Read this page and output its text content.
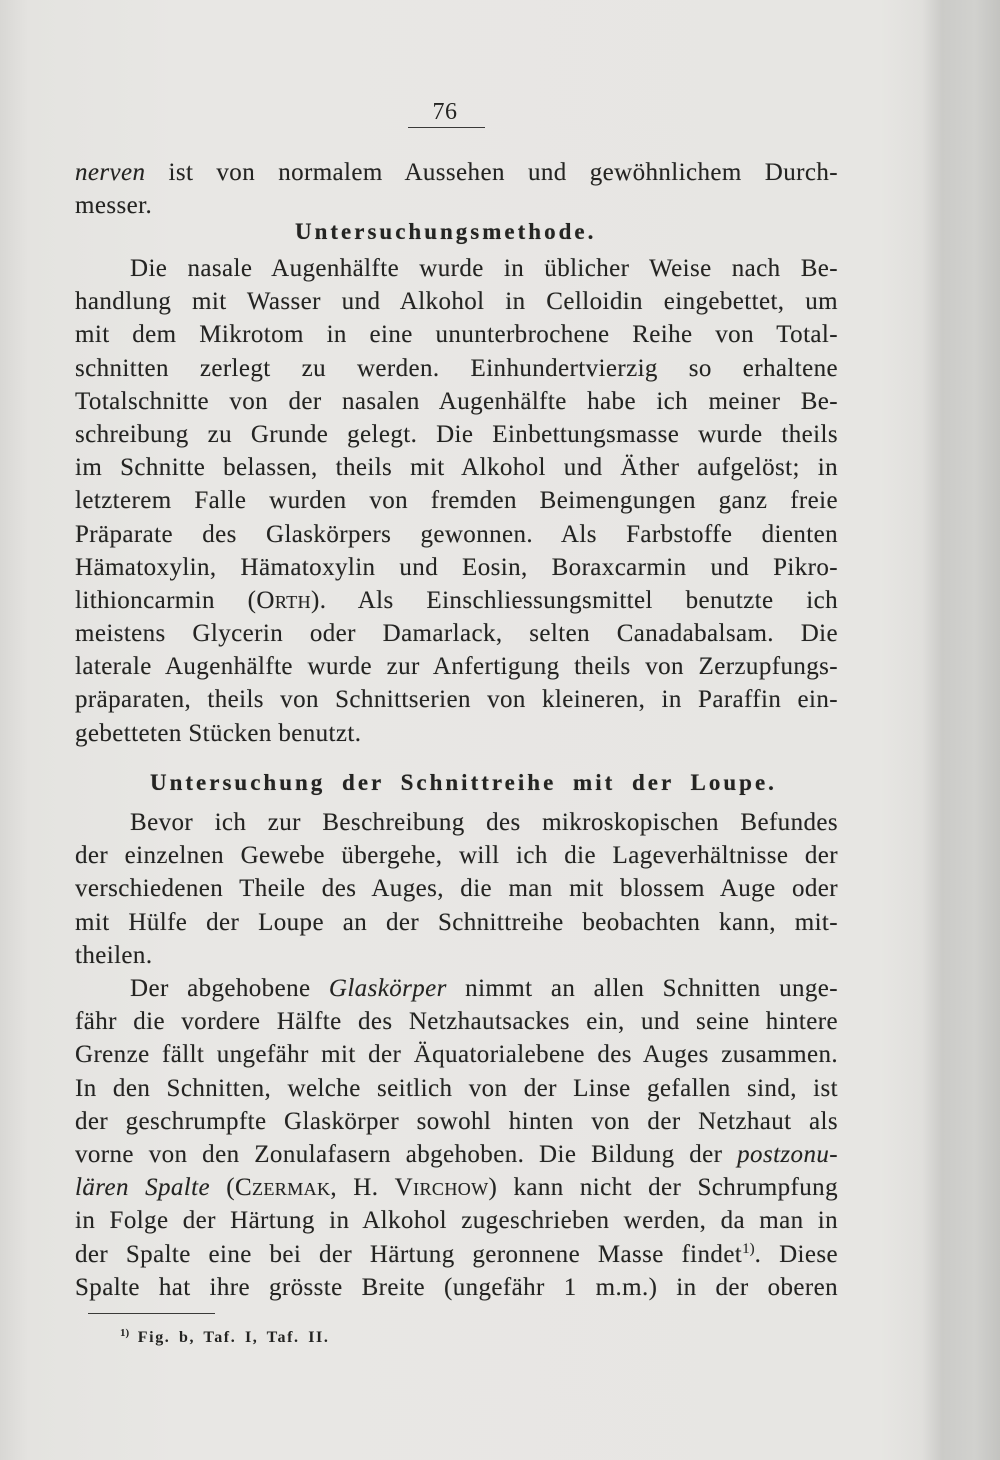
76
nerven ist von normalem Aussehen und gewöhnlichem Durch-
messer.
Untersuchungsmethode.
Die nasale Augenhälfte wurde in üblicher Weise nach Be-
handlung mit Wasser und Alkohol in Celloidin eingebettet, um
mit dem Mikrotom in eine ununterbrochene Reihe von Total-
schnitten zerlegt zu werden. Einhundertvierzig so erhaltene
Totalschnitte von der nasalen Augenhälfte habe ich meiner Be-
schreibung zu Grunde gelegt. Die Einbettungsmasse wurde theils
im Schnitte belassen, theils mit Alkohol und Äther aufgelöst; in
letzterem Falle wurden von fremden Beimengungen ganz freie
Präparate des Glaskörpers gewonnen. Als Farbstoffe dienten
Hämatoxylin, Hämatoxylin und Eosin, Boraxcarmin und Pikro-
lithioncarmin (Orth). Als Einschliessungsmittel benutzte ich
meistens Glycerin oder Damarlack, selten Canadabalsam. Die
laterale Augenhälfte wurde zur Anfertigung theils von Zerzupfungs-
präparaten, theils von Schnittserien von kleineren, in Paraffin ein-
gebetteten Stücken benutzt.
Untersuchung der Schnittreihe mit der Loupe.
Bevor ich zur Beschreibung des mikroskopischen Befundes
der einzelnen Gewebe übergehe, will ich die Lageverhältnisse der
verschiedenen Theile des Auges, die man mit blossem Auge oder
mit Hülfe der Loupe an der Schnittreihe beobachten kann, mit-
theilen.
Der abgehobene Glaskörper nimmt an allen Schnitten unge-
fähr die vordere Hälfte des Netzhautsackes ein, und seine hintere
Grenze fällt ungefähr mit der Äquatorialebene des Auges zusammen.
In den Schnitten, welche seitlich von der Linse gefallen sind, ist
der geschrumpfte Glaskörper sowohl hinten von der Netzhaut als
vorne von den Zonulafasern abgehoben. Die Bildung der postzonu-
lären Spalte (Czermak, H. Virchow) kann nicht der Schrumpfung
in Folge der Härtung in Alkohol zugeschrieben werden, da man in
der Spalte eine bei der Härtung geronnene Masse findet$^{1)}$. Diese
Spalte hat ihre grösste Breite (ungefähr 1 m.m.) in der oberen
$^{1)}$ Fig. b, Taf. I, Taf. II.
